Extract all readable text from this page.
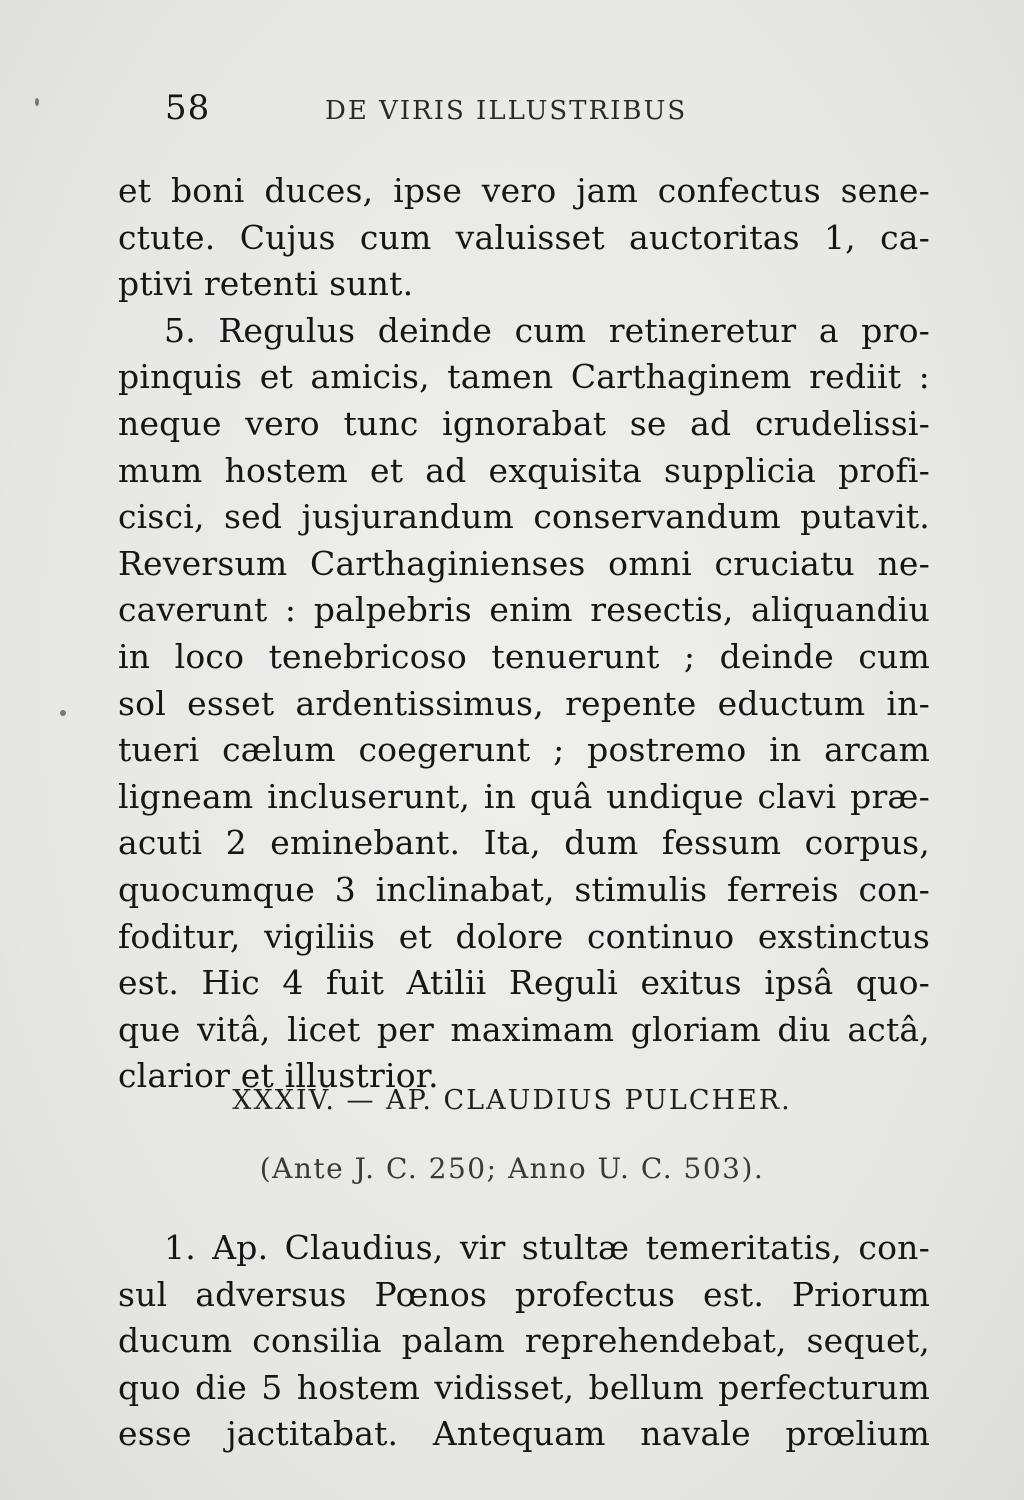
58	DE VIRIS ILLUSTRIBUS
et boni duces, ipse vero jam confectus sene-
ctute. Cujus cum valuisset auctoritas 1, ca-
ptivi retenti sunt.
5. Regulus deinde cum retineretur a pro-
pinquis et amicis, tamen Carthaginem rediit :
neque vero tunc ignorabat se ad crudelissi-
mum hostem et ad exquisita supplicia profi-
cisci, sed jusjurandum conservandum putavit.
Reversum Carthaginienses omni cruciatu ne-
caverunt : palpebris enim resectis, aliquandiu
in loco tenebricoso tenuerunt ; deinde cum
sol esset ardentissimus, repente eductum in-
tueri cælum coegerunt ; postremo in arcam
ligneam incluserunt, in quâ undique clavi præ-
acuti 2 eminebant. Ita, dum fessum corpus,
quocumque 3 inclinabat, stimulis ferreis con-
foditur, vigiliis et dolore continuo exstinctus
est. Hic 4 fuit Atilii Reguli exitus ipsâ quo-
que vitâ, licet per maximam gloriam diu actâ,
clarior et illustrior.
XXXIV. — AP. CLAUDIUS PULCHER.
(Ante J. C. 250; Anno U. C. 503).
1. Ap. Claudius, vir stultæ temeritatis, con-
sul adversus Pœnos profectus est. Priorum
ducum consilia palam reprehendebat, sequet,
quo die 5 hostem vidisset, bellum perfecturum
esse jactitabat. Antequam navale prœlium
